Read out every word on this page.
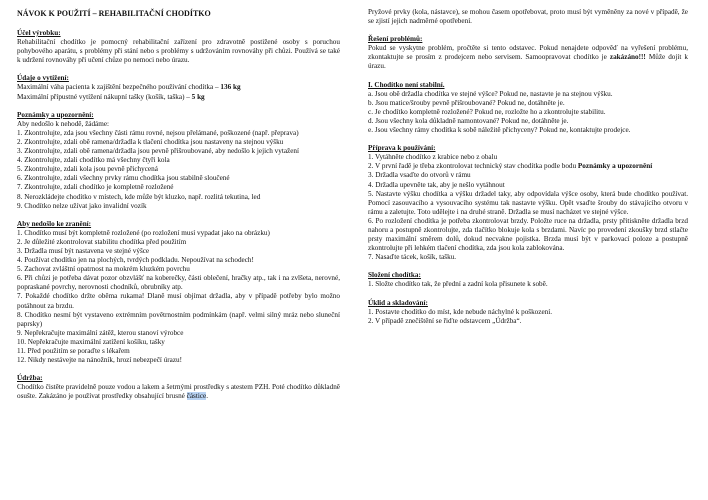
NÁVOK K POUŽITÍ – REHABILITAČNÍ CHODÍTKO
Účel výrobku:
Rehabilitační chodítko je pomocný rehabilitační zařízení pro zdravotně postižené osoby s poruchou pohybového aparátu, s problémy při stání nebo s problémy s udržováním rovnováhy při chůzi. Používá se také k udržení rovnováhy při učení chůze po nemoci nebo úrazu.
Údaje o vytížení:
Maximální váha pacienta k zajištění bezpečného používání chodítka – 136 kg
Maximální přípustné vytížení nákupní tašky (košík, taška) – 5 kg
Poznámky a upozornění:
Aby nedošlo k nehodě, žádáme:
1. Zkontrolujte, zda jsou všechny části rámu rovné, nejsou přelámané, poškozené (např. přeprava)
2. Zkontrolujte, zdali obě ramena/držadla k tlačení chodítka jsou nastaveny na stejnou výšku
3. Zkontrolujte, zdali obě ramena/držadla jsou pevně přišroubované, aby nedošlo k jejich vytažení
4. Zkontrolujte, zdali chodítko má všechny čtyři kola
5. Zkontrolujte, zdali kola jsou pevně přichycená
6. Zkontrolujte, zdali všechny prvky rámu chodítka jsou stabilně sloučené
7. Zkontrolujte, zdali chodítko je kompletně rozložené
8. Nerozkládejte chodítko v místech, kde může být kluzko, např. rozlitá tekutina, led
9. Chodítko nelze užívat jako invalidní vozík
Aby nedošlo ke zranění:
1. Chodítko musí být kompletně rozložené (po rozložení musí vypadat jako na obrázku)
2. Je důležité zkontrolovat stabilitu chodítka před použitím
3. Držadla musí být nastavena ve stejné výšce
4. Používat chodítko jen na plochých, tvrdých podkladu. Nepoužívat na schodech!
5. Zachovat zvláštní opatrnost na mokrém kluzkém povrchu
6. Při chůzi je potřeba dávat pozor obzvlášť na koberečky, části oblečení, hračky atp., tak i na zvlšeta, nerovné, popraskané povrchy, nerovnosti chodníků, obrubníky atp.
7. Pokaždé chodítko držte oběma rukama! Dlaně musí objímat držadla, aby v případě potřeby bylo možno potáhnout za brzdu.
8. Chodítko nesmí být vystaveno extrémním povětrnostním podmínkám (např. velmi silný mráz nebo sluneční paprsky)
9. Nepřekračujte maximální zátěž, kterou stanoví výrobce
10. Nepřekračujte maximální zatížení košíku, tašky
11. Před použitím se poraďte s lékařem
12. Nikdy nestávejte na nánožník, hrozí nebezpečí úrazu!
Údržba:
Chodítko čistěte pravidelně pouze vodou a lakem a šetrnými prostředky s atestem PZH. Poté chodítko důkladně osušte. Zakázáno je používat prostředky obsahující brusné částice.
Pryžové prvky (kola, nástavce), se mohou časem opotřebovat, proto musí být vyměněny za nové v případě, že se zjistí jejich nadměrné opotřebení.
Řešení problémů:
Pokud se vyskytne problém, pročtěte si tento odstavec. Pokud nenajdete odpověď na vyřešení problému, zkontaktujte se prosím z prodejcem nebo servisem. Samoopravovat chodítko je zakázáno!!! Může dojít k úrazu.
I. Chodítko není stabilní.
a. Jsou obě držadla chodítka ve stejné výšce? Pokud ne, nastavte je na stejnou výšku.
b. Jsou matice/šrouby pevně přišroubované? Pokud ne, dotáhněte je.
c. Je chodítko kompletně rozložené? Pokud ne, rozložte ho a zkontrolujte stabilitu.
d. Jsou všechny kola důkladně namontované? Pokud ne, dotáhněte je.
e. Jsou všechny rámy chodítka k sobě náležitě přichyceny? Pokud ne, kontaktujte prodejce.
Příprava k používání:
1. Vytáhněte chodítko z krabice nebo z obalu
2. V první řadě je třeba zkontrolovat technický stav chodítka podle bodu Poznámky a upozornění
3. Držadla vsaďte do otvorů v rámu
4. Držadla upevněte tak, aby je nešlo vytáhnout
5. Nastavte výšku chodítka a výšku držadel taky, aby odpovídala výšce osoby, která bude chodítko používat. Pomocí zasouvacího a vysouvacího systému tak nastavte výšku. Opět vsaďte šrouby do stávajícího otvoru v rámu a zaletujte. Toto udělejte i na druhé straně. Držadla se musí nacházet ve stejné výšce.
6. Po rozložení chodítka je potřeba zkontrolovat brzdy. Položte ruce na držadla, prsty přitiskněte držadla brzd nahoru a postupně zkontrolujte, zda tlačítko blokuje kola s brzdami. Navíc po provedení zkoušky brzd stlačte prsty maximální směrem dolů, dokud necvakne pojistka. Brzda musí být v parkovací poloze a postupně zkontrolujte při lehkém tlačení chodítka, zda jsou kola zablokována.
7. Nasaďte tácek, košík, tašku.
Složení chodítka:
1. Složte chodítko tak, že přední a zadní kola přisunete k sobě.
Úklid a skladování:
1. Postavte chodítko do míst, kde nebude náchylné k poškození.
2. V případě znečištění se řiďte odstavcem „Údržba“.
